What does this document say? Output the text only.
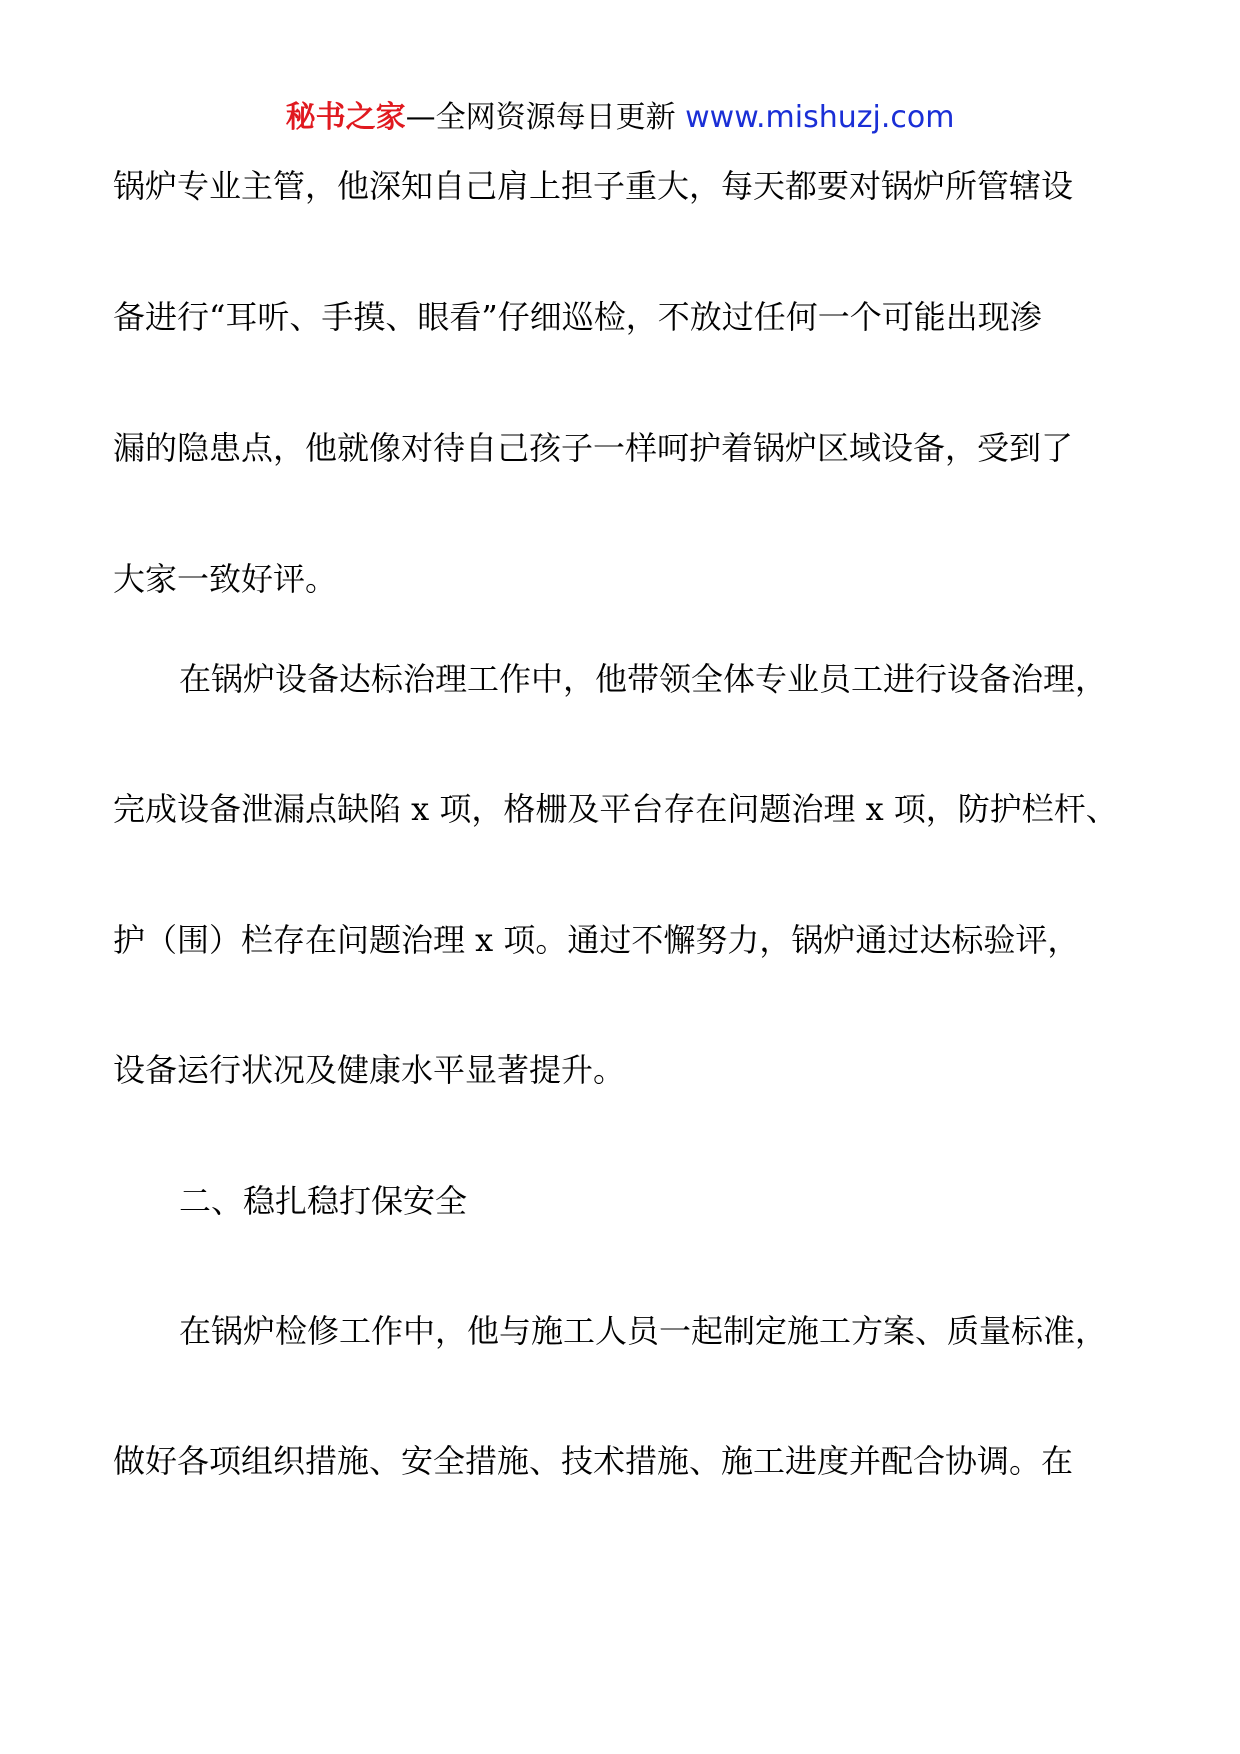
秘书之家—全网资源每日更新 www.mishuzj.com
锅炉专业主管，他深知自己肩上担子重大，每天都要对锅炉所管辖设
备进行“耳听、手摸、眼看”仔细巡检，不放过任何一个可能出现渗
漏的隐患点，他就像对待自己孩子一样呵护着锅炉区域设备，受到了
大家一致好评。
在锅炉设备达标治理工作中，他带领全体专业员工进行设备治理，
完成设备泄漏点缺陷 x 项，格栅及平台存在问题治理 x 项，防护栏杆、
护（围）栏存在问题治理 x 项。通过不懈努力，锅炉通过达标验评，
设备运行状况及健康水平显著提升。
二、稳扎稳打保安全
在锅炉检修工作中，他与施工人员一起制定施工方案、质量标准，
做好各项组织措施、安全措施、技术措施、施工进度并配合协调。在
